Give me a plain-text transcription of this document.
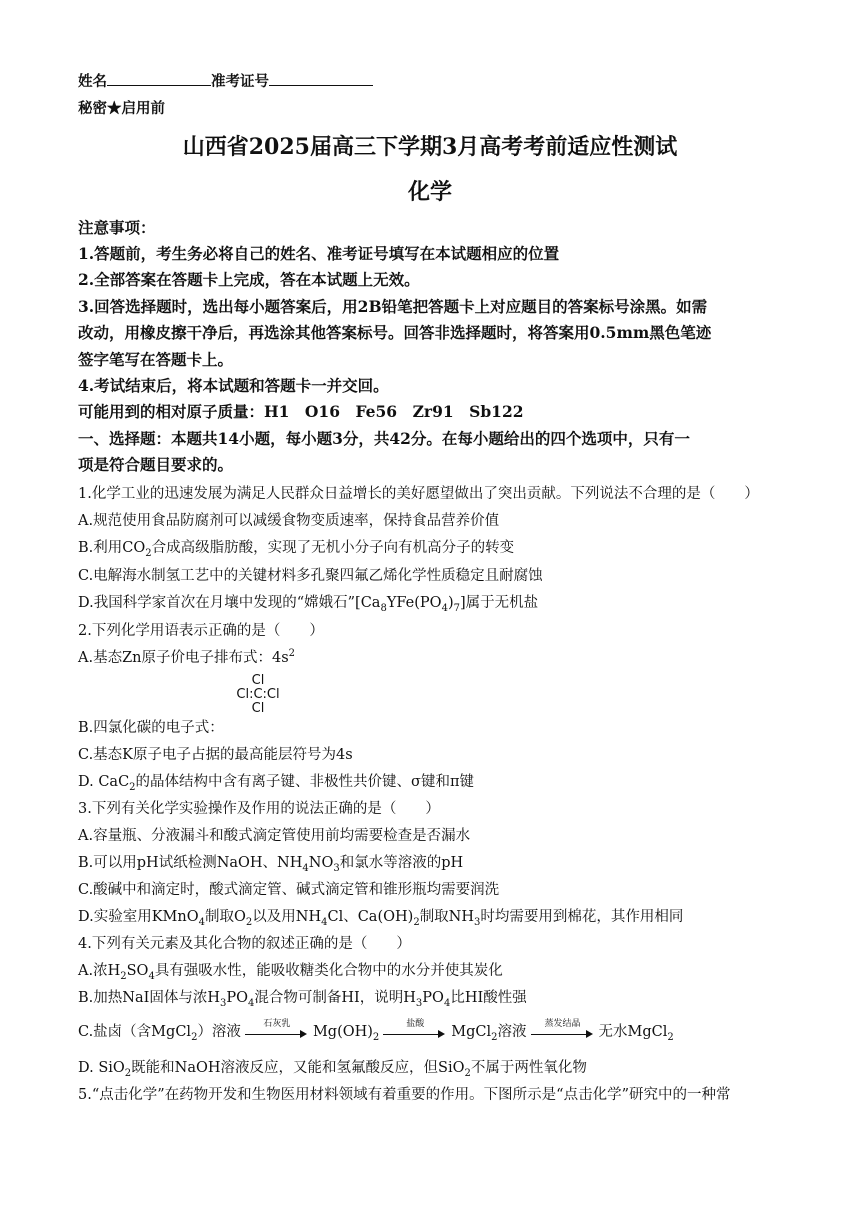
姓名	准考证号
秘密★启用前
山西省2025届高三下学期3月高考考前适应性测试
化学
注意事项：
1.答题前，考生务必将自己的姓名、准考证号填写在本试题相应的位置
2.全部答案在答题卡上完成，答在本试题上无效。
3.回答选择题时，选出每小题答案后，用2B铅笔把答题卡上对应题目的答案标号涂黑。如需
改动，用橡皮擦干净后，再选涂其他答案标号。回答非选择题时，将答案用0.5mm黑色笔迹
签字笔写在答题卡上。
4.考试结束后，将本试题和答题卡一并交回。
可能用到的相对原子质量：H1　O16　Fe56　Zr91　Sb122
一、选择题：本题共14小题，每小题3分，共42分。在每小题给出的四个选项中，只有一
项是符合题目要求的。
1.化学工业的迅速发展为满足人民群众日益增长的美好愿望做出了突出贡献。下列说法不合理的是（　　）
A.规范使用食品防腐剂可以减缓食物变质速率，保持食品营养价值
B.利用$CO_2$合成高级脂肪酸，实现了无机小分子向有机高分子的转变
C.电解海水制氢工艺中的关键材料多孔聚四氟乙烯化学性质稳定且耐腐蚀
D.我国科学家首次在月壤中发现的“嫦娥石$”[Ca_8YFe(PO_4)_7]$属于无机盐
2.下列化学用语表示正确的是（　　）
A.基态Zn原子价电子排布式：$4s^2$
Cl
Cl:C:Cl
Cl
B.四氯化碳的电子式：
C.基态K原子电子占据的最高能层符号为4s
D. CaC$_2$的晶体结构中含有离子键、非极性共价键、σ键和π键
3.下列有关化学实验操作及作用的说法正确的是（　　）
A.容量瓶、分液漏斗和酸式滴定管使用前均需要检查是否漏水
B.可以用pH试纸检测NaOH、$NH_4NO_3$和氯水等溶液的pH
C.酸碱中和滴定时，酸式滴定管、碱式滴定管和锥形瓶均需要润洗
D.实验室用KMnO$_4$制取$O_2$以及用$NH_4Cl$、$Ca(OH)_2$制取$NH_3$时均需要用到棉花，其作用相同
4.下列有关元素及其化合物的叙述正确的是（　　）
A.浓$H_2SO_4$具有强吸水性，能吸收糖类化合物中的水分并使其炭化
B.加热NaI固体与浓$H_3PO_4$混合物可制备HI，说明$H_3PO_4$比HI酸性强
C.盐卤（含MgCl$_2$）溶液	石灰乳	$Mg(OH)_2$
盐酸	MgCl$_2$溶液	蒸发结晶	无水MgCl$_2$
D. SiO$_2$既能和NaOH溶液反应，又能和氢氟酸反应，但SiO$_2$不属于两性氧化物
5.“点击化学”在药物开发和生物医用材料领域有着重要的作用。下图所示是“点击化学”研究中的一种常
